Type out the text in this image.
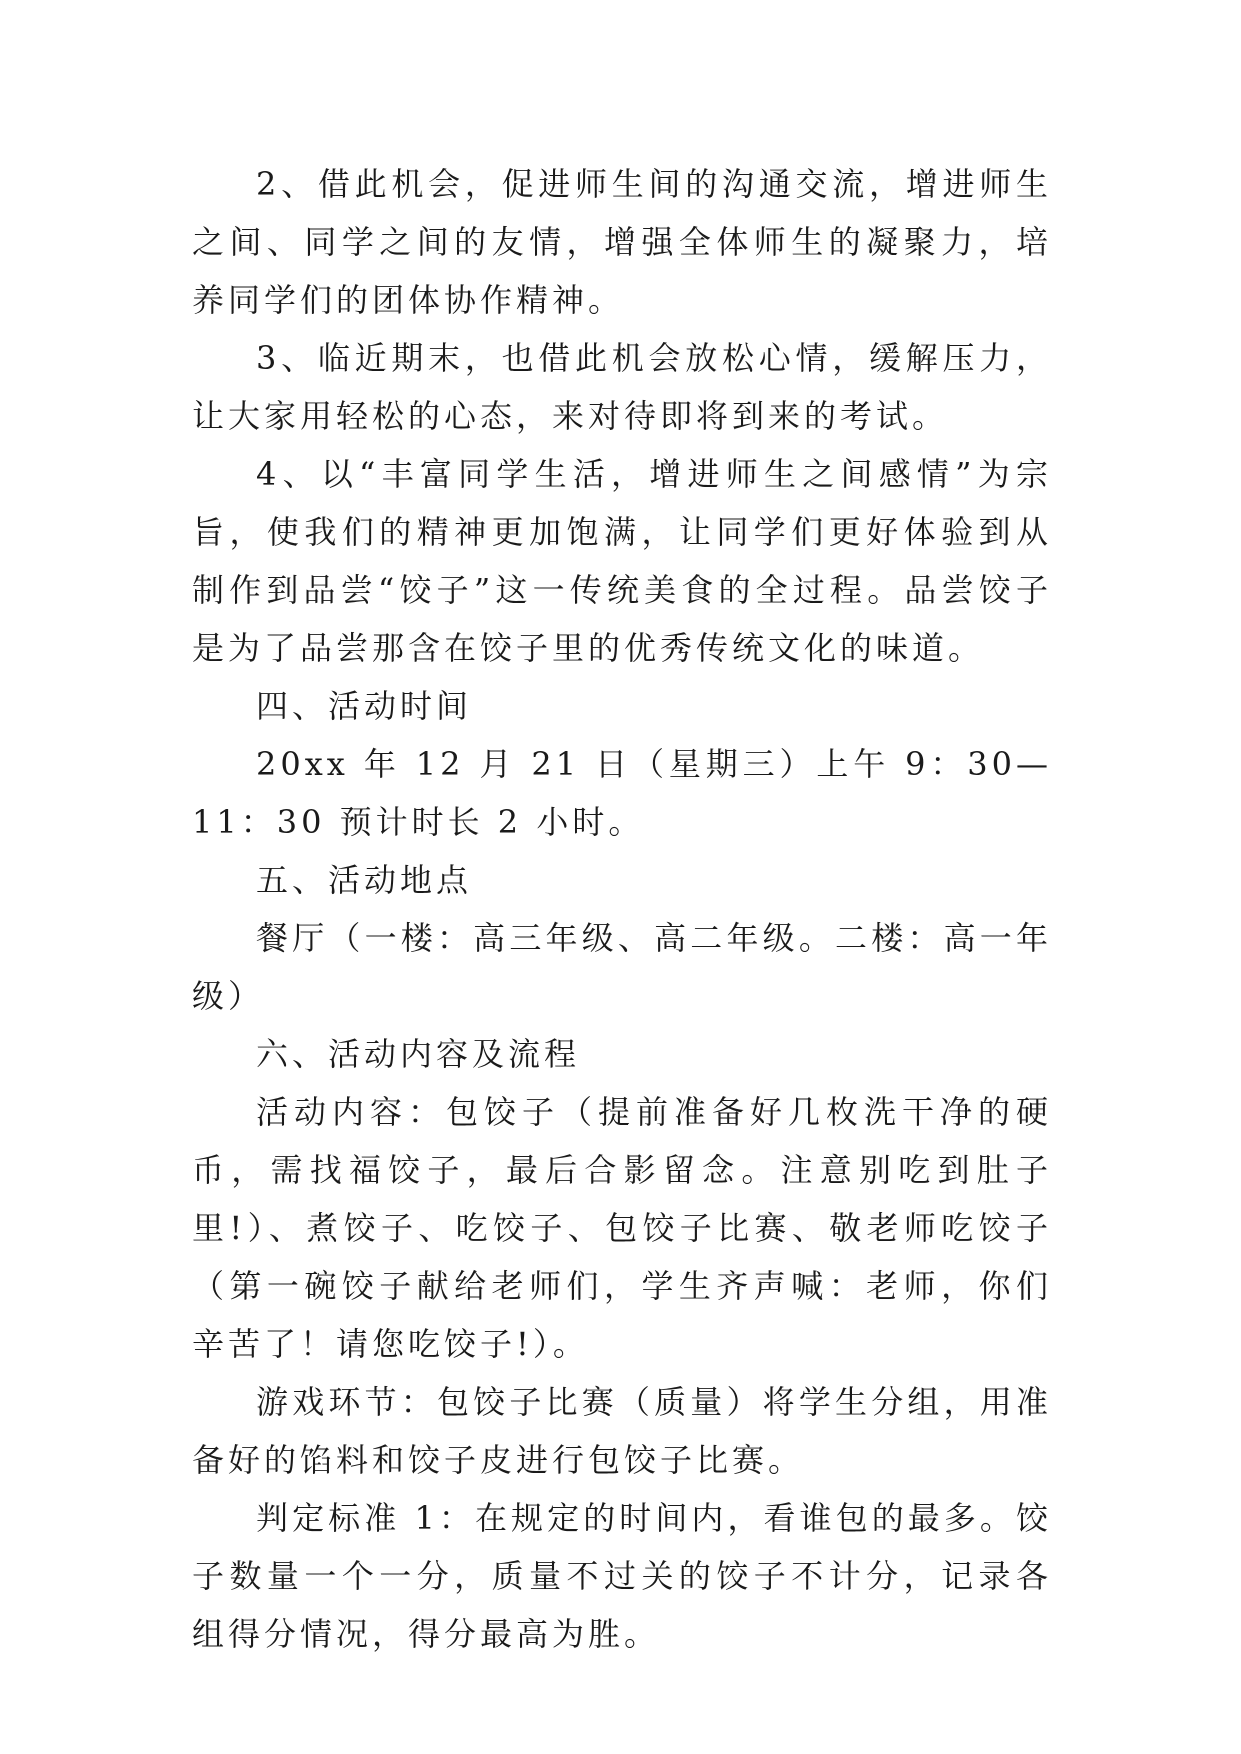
2、借此机会，促进师生间的沟通交流，增进师生之间、同学之间的友情，增强全体师生的凝聚力，培养同学们的团体协作精神。

3、临近期末，也借此机会放松心情，缓解压力，让大家用轻松的心态，来对待即将到来的考试。

4、以“丰富同学生活，增进师生之间感情”为宗旨，使我们的精神更加饱满，让同学们更好体验到从制作到品尝“饺子”这一传统美食的全过程。品尝饺子是为了品尝那含在饺子里的优秀传统文化的味道。

四、活动时间

20xx 年 12 月 21 日（星期三）上午 9：30—11：30 预计时长 2 小时。

五、活动地点

餐厅（一楼：高三年级、高二年级。二楼：高一年级）

六、活动内容及流程

活动内容：包饺子（提前准备好几枚洗干净的硬币，需找福饺子，最后合影留念。注意别吃到肚子里!）、煮饺子、吃饺子、包饺子比赛、敬老师吃饺子（第一碗饺子献给老师们，学生齐声喊：老师，你们辛苦了！请您吃饺子!）。

游戏环节：包饺子比赛（质量）将学生分组，用准备好的馅料和饺子皮进行包饺子比赛。

判定标准 1：在规定的时间内，看谁包的最多。饺子数量一个一分，质量不过关的饺子不计分，记录各组得分情况，得分最高为胜。
